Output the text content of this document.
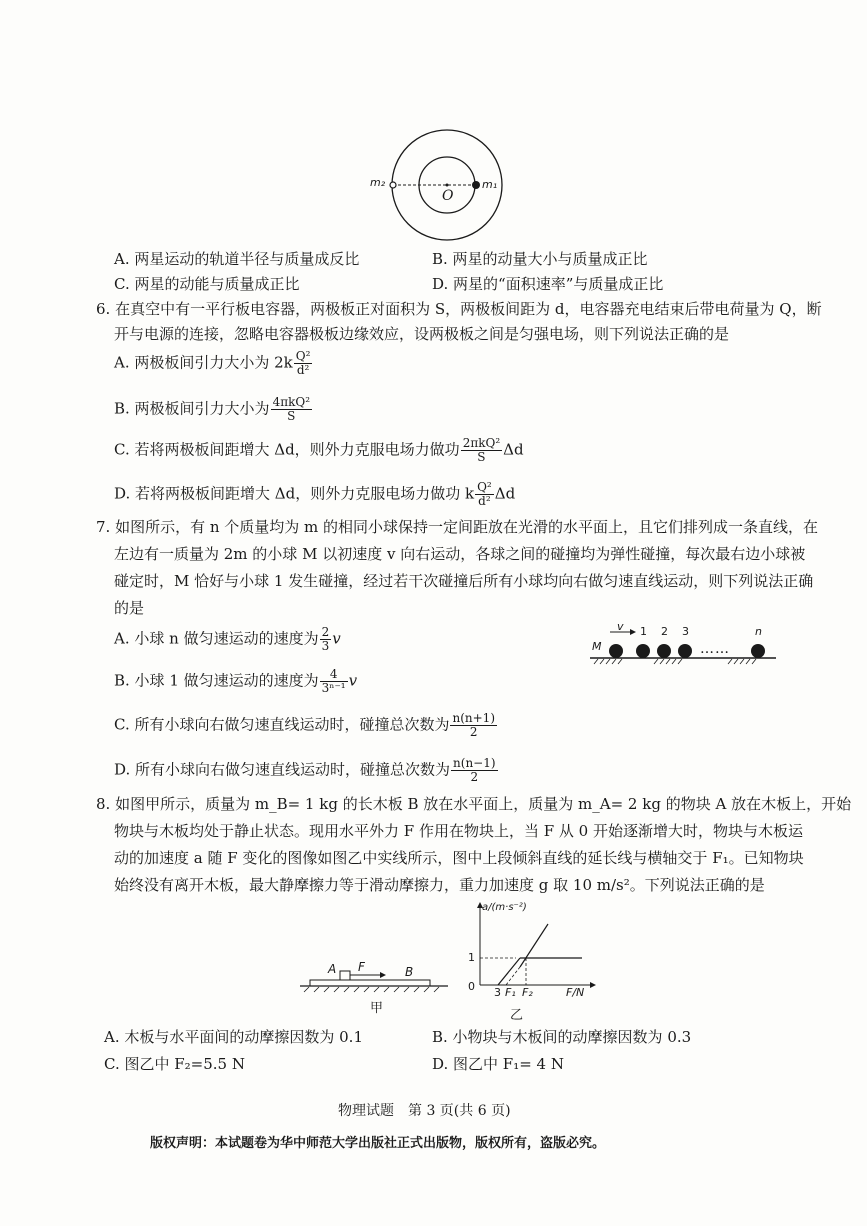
m₂	m₁
O
A. 两星运动的轨道半径与质量成反比	B. 两星的动量大小与质量成正比
C. 两星的动能与质量成正比	D. 两星的“面积速率”与质量成正比
6. 在真空中有一平行板电容器，两极板正对面积为 S，两极板间距为 d，电容器充电结束后带电荷量为 Q，断
开与电源的连接，忽略电容器极板边缘效应，设两极板之间是匀强电场，则下列说法正确的是
A. 两极板间引力大小为 $2k \frac{\text{Q²}}{\text{d²}}$
B. 两极板间引力大小为 $\frac{\text{4πkQ²}}{S}$
C. 若将两极板间距增大 Δd，则外力克服电场力做功 $\frac{\text{2πkQ²}}{S}$ Δd
D. 若将两极板间距增大 Δd，则外力克服电场力做功 k $\frac{\text{Q²}}{\text{d²}}$ Δd
7. 如图所示，有 n 个质量均为 m 的相同小球保持一定间距放在光滑的水平面上，且它们排列成一条直线，在
左边有一质量为 2m 的小球 M 以初速度 v 向右运动，各球之间的碰撞均为弹性碰撞，每次最右边小球被
碰定时，M 恰好与小球 1 发生碰撞，经过若干次碰撞后所有小球均向右做匀速直线运动，则下列说法正确
的是
A. 小球 n 做匀速运动的速度为 $\frac{2}{3}$ v
B. 小球 1 做匀速运动的速度为 $\frac{4}{\text{3ⁿ⁻¹}}$ v
C. 所有小球向右做匀速直线运动时，碰撞总次数为 $\frac{n(n+1)}{2}$
D. 所有小球向右做匀速直线运动时，碰撞总次数为 $\frac{n(n-1)}{2}$
v
M
1 2 3	n
……
8. 如图甲所示，质量为 m_B= 1 kg 的长木板 B 放在水平面上，质量为 m_A= 2 kg 的物块 A 放在木板上，开始
物块与木板均处于静止状态。现用水平外力 F 作用在物块上，当 F 从 0 开始逐渐增大时，物块与木板运
动的加速度 a 随 F 变化的图像如图乙中实线所示，图中上段倾斜直线的延长线与横轴交于 F₁。已知物块
始终没有离开木板，最大静摩擦力等于滑动摩擦力，重力加速度 g 取 10 m/s²。下列说法正确的是
A F	B
甲
a/(m·s⁻²)
1
0 3 F₁ F₂	F/N
乙
A. 木板与水平面间的动摩擦因数为 0.1	B. 小物块与木板间的动摩擦因数为 0.3
C. 图乙中 F₂=5.5 N	D. 图乙中 F₁= 4 N
物理试题　第 3 页(共 6 页)
版权声明：本试题卷为华中师范大学出版社正式出版物，版权所有，盗版必究。
